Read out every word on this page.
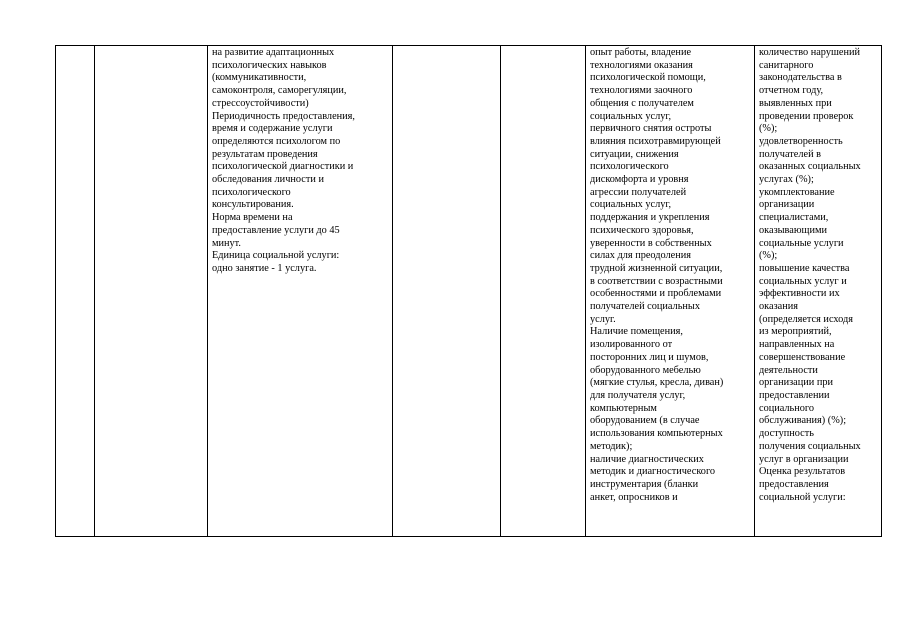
		на развитие адаптационных
психологических навыков
(коммуникативности,
самоконтроля, саморегуляции,
стрессоустойчивости)
Периодичность предоставления,
время и содержание услуги
определяются психологом по
результатам проведения
психологической диагностики и
обследования личности и
психологического
консультирования.
Норма времени на
предоставление услуги до 45
минут.
Единица социальной услуги:
одно занятие - 1 услуга.			опыт работы, владение
технологиями оказания
психологической помощи,
технологиями заочного
общения с получателем
социальных услуг,
первичного снятия остроты
влияния психотравмирующей
ситуации, снижения
психологического
дискомфорта и уровня
агрессии получателей
социальных услуг,
поддержания и укрепления
психического здоровья,
уверенности в собственных
силах для преодоления
трудной жизненной ситуации,
в соответствии с возрастными
особенностями и проблемами
получателей социальных
услуг.
Наличие помещения,
изолированного от
посторонних лиц и шумов,
оборудованного мебелью
(мягкие стулья, кресла, диван)
для получателя услуг,
компьютерным
оборудованием (в случае
использования компьютерных
методик);
наличие диагностических
методик и диагностического
инструментария (бланки
анкет, опросников и	количество нарушений
санитарного
законодательства в
отчетном году,
выявленных при
проведении проверок
(%);
удовлетворенность
получателей в
оказанных социальных
услугах (%);
укомплектование
организации
специалистами,
оказывающими
социальные услуги
(%);
повышение качества
социальных услуг и
эффективности их
оказания
(определяется исходя
из мероприятий,
направленных на
совершенствование
деятельности
организации при
предоставлении
социального
обслуживания) (%);
доступность
получения социальных
услуг в организации
Оценка результатов
предоставления
социальной услуги:
